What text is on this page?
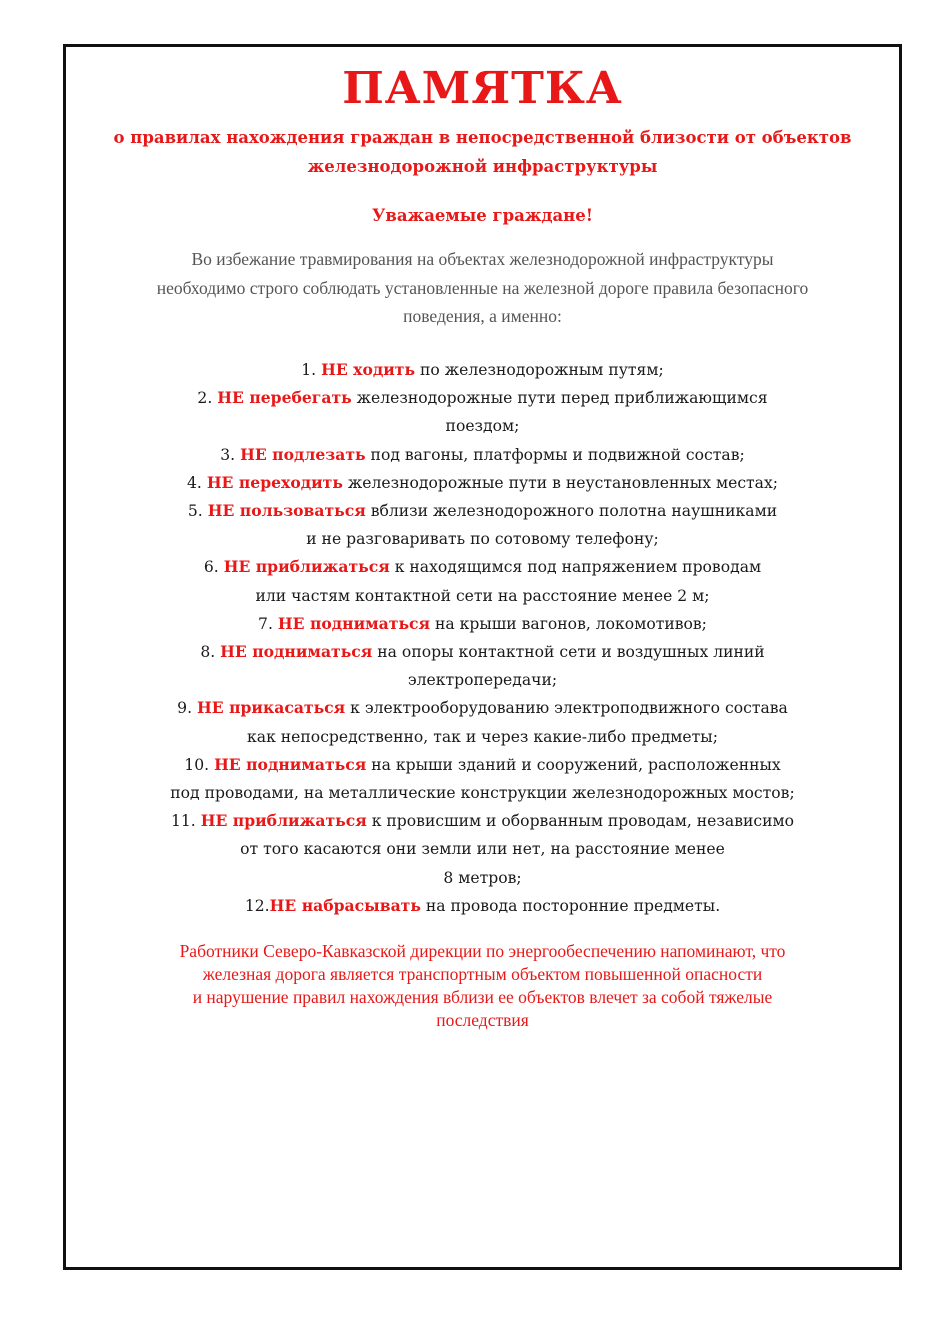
ПАМЯТКА
о правилах нахождения граждан в непосредственной близости от объектов
железнодорожной инфраструктуры
Уважаемые граждане!
Во избежание травмирования на объектах железнодорожной инфраструктуры
необходимо строго соблюдать установленные на железной дороге правила безопасного
поведения, а именно:
1. НЕ ходить по железнодорожным путям;
2. НЕ перебегать железнодорожные пути перед приближающимся
поездом;
3. НЕ подлезать под вагоны, платформы и подвижной состав;
4. НЕ переходить железнодорожные пути в неустановленных местах;
5. НЕ пользоваться вблизи железнодорожного полотна наушниками
и не разговаривать по сотовому телефону;
6. НЕ приближаться к находящимся под напряжением проводам
или частям контактной сети на расстояние менее 2 м;
7. НЕ подниматься на крыши вагонов, локомотивов;
8. НЕ подниматься на опоры контактной сети и воздушных линий
электропередачи;
9. НЕ прикасаться к электрооборудованию электроподвижного состава
как непосредственно, так и через какие-либо предметы;
10. НЕ подниматься на крыши зданий и сооружений, расположенных
под проводами, на металлические конструкции железнодорожных мостов;
11. НЕ приближаться к провисшим и оборванным проводам, независимо
от того касаются они земли или нет, на расстояние менее
8 метров;
12.НЕ набрасывать на провода посторонние предметы.
Работники Северо-Кавказской дирекции по энергообеспечению напоминают, что
железная дорога является транспортным объектом повышенной опасности
и нарушение правил нахождения вблизи ее объектов влечет за собой тяжелые
последствия
